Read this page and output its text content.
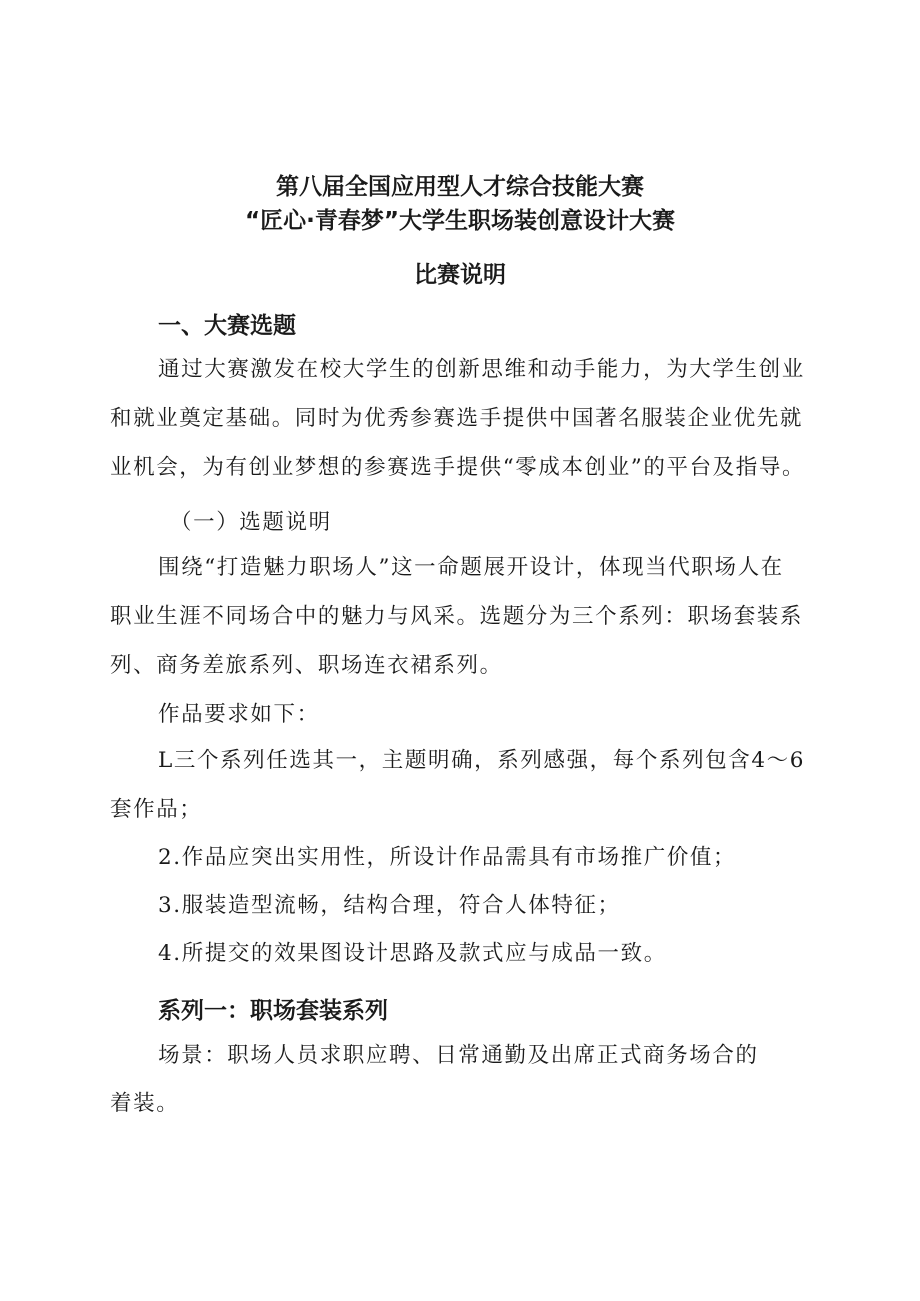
第八届全国应用型人才综合技能大赛
“匠心·青春梦”大学生职场装创意设计大赛
比赛说明
一、大赛选题
通过大赛激发在校大学生的创新思维和动手能力，为大学生创业
和就业奠定基础。同时为优秀参赛选手提供中国著名服装企业优先就
业机会，为有创业梦想的参赛选手提供“零成本创业”的平台及指导。
（一）选题说明
围绕“打造魅力职场人”这一命题展开设计，体现当代职场人在
职业生涯不同场合中的魅力与风采。选题分为三个系列：职场套装系
列、商务差旅系列、职场连衣裙系列。
作品要求如下：
L三个系列任选其一，主题明确，系列感强，每个系列包含4～6
套作品；
2.作品应突出实用性，所设计作品需具有市场推广价值；
3.服装造型流畅，结构合理，符合人体特征；
4.所提交的效果图设计思路及款式应与成品一致。
系列一：职场套装系列
场景：职场人员求职应聘、日常通勤及出席正式商务场合的
着装。
